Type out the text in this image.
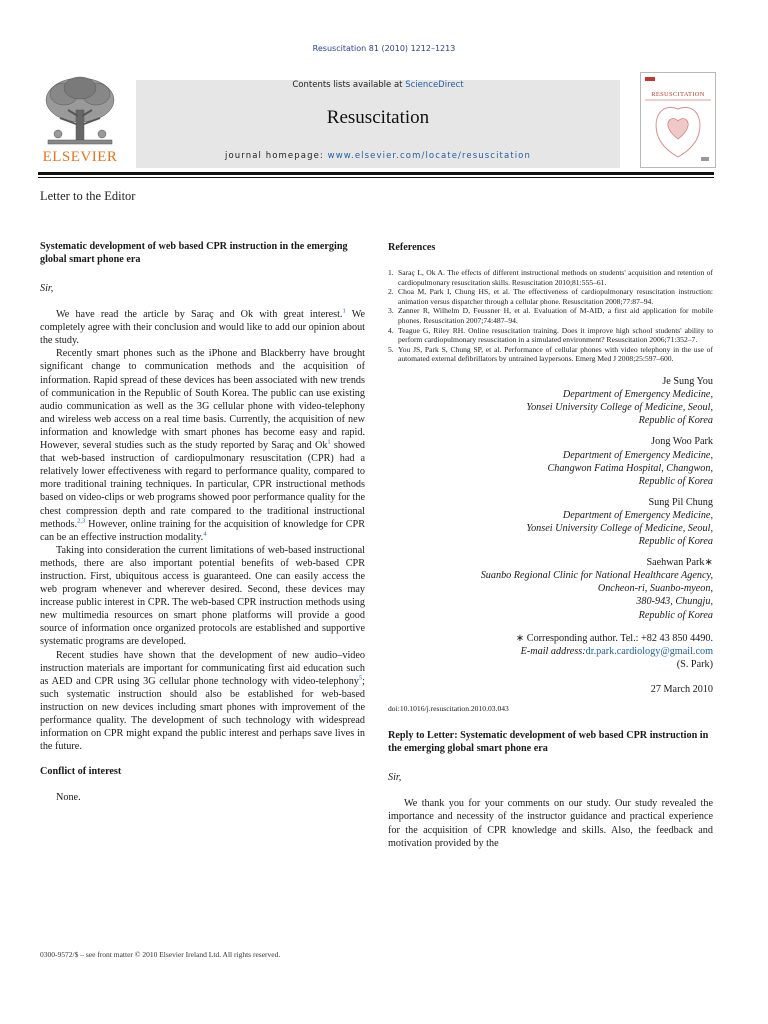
Resuscitation 81 (2010) 1212–1213
ELSEVIER
Contents lists available at ScienceDirect
Resuscitation
journal homepage: www.elsevier.com/locate/resuscitation
RESUSCITATION
Letter to the Editor
Systematic development of web based CPR instruction in the emerging global smart phone era
Sir,

We have read the article by Saraç and Ok with great interest.$^1$ We completely agree with their conclusion and would like to add our opinion about the study.

Recently smart phones such as the iPhone and Blackberry have brought significant change to communication methods and the acquisition of information. Rapid spread of these devices has been associated with new trends of communication in the Republic of South Korea. The public can use existing audio communication as well as the 3G cellular phone with video-telephony and wireless web access on a real time basis. Currently, the acquisition of new information and knowledge with smart phones has become easy and rapid. However, several studies such as the study reported by Saraç and Ok$^1$ showed that web-based instruction of cardiopulmonary resuscitation (CPR) had a relatively lower effectiveness with regard to performance quality, compared to more traditional training techniques. In particular, CPR instructional methods based on video-clips or web programs showed poor performance quality for the chest compression depth and rate compared to the traditional instructional methods.$^{2,3}$ However, online training for the acquisition of knowledge for CPR can be an effective instruction modality.$^4$

Taking into consideration the current limitations of web-based instructional methods, there are also important potential benefits of web-based CPR instruction. First, ubiquitous access is guaranteed. One can easily access the web program whenever and wherever desired. Second, these devices may increase public interest in CPR. The web-based CPR instruction methods using new multimedia resources on smart phone platforms will provide a good source of information once organized protocols are established and supportive systematic programs are developed.

Recent studies have shown that the development of new audio–video instruction materials are important for communicating first aid education such as AED and CPR using 3G cellular phone technology with video-telephony$^5$; such systematic instruction should also be established for web-based instruction on new devices including smart phones with improvement of the performance quality. The development of such technology with widespread information on CPR might expand the public interest and perhaps save lives in the future.

Conflict of interest
None.
References
1. Saraç L, Ok A. The effects of different instructional methods on students' acquisition and retention of cardiopulmonary resuscitation skills. Resuscitation 2010;81:555–61.
2. Choa M, Park I, Chung HS, et al. The effectiveness of cardiopulmonary resuscitation instruction: animation versus dispatcher through a cellular phone. Resuscitation 2008;77:87–94.
3. Zanner R, Wilhelm D, Feussner H, et al. Evaluation of M-AID, a first aid application for mobile phones. Resuscitation 2007;74:487–94.
4. Teague G, Riley RH. Online resuscitation training. Does it improve high school students' ability to perform cardiopulmonary resuscitation in a simulated environment? Resuscitation 2006;71:352–7.
5. You JS, Park S, Chung SP, et al. Performance of cellular phones with video telephony in the use of automated external defibrillators by untrained laypersons. Emerg Med J 2008;25:597–600.
Je Sung You
Department of Emergency Medicine,
Yonsei University College of Medicine, Seoul,
Republic of Korea
Jong Woo Park
Department of Emergency Medicine,
Changwon Fatima Hospital, Changwon,
Republic of Korea
Sung Pil Chung
Department of Emergency Medicine,
Yonsei University College of Medicine, Seoul,
Republic of Korea
Saehwan Park∗
Suanbo Regional Clinic for National Healthcare Agency,
Oncheon-ri, Suanbo-myeon,
380-943, Chungju,
Republic of Korea
∗ Corresponding author. Tel.: +82 43 850 4490.
E-mail address:dr.park.cardiology@gmail.com
(S. Park)
27 March 2010
doi:10.1016/j.resuscitation.2010.03.043
Reply to Letter: Systematic development of web based CPR instruction in the emerging global smart phone era
Sir,

We thank you for your comments on our study. Our study revealed the importance and necessity of the instructor guidance and practical experience for the acquisition of CPR knowledge and skills. Also, the feedback and motivation provided by the

0300-9572/$ – see front matter © 2010 Elsevier Ireland Ltd. All rights reserved.
